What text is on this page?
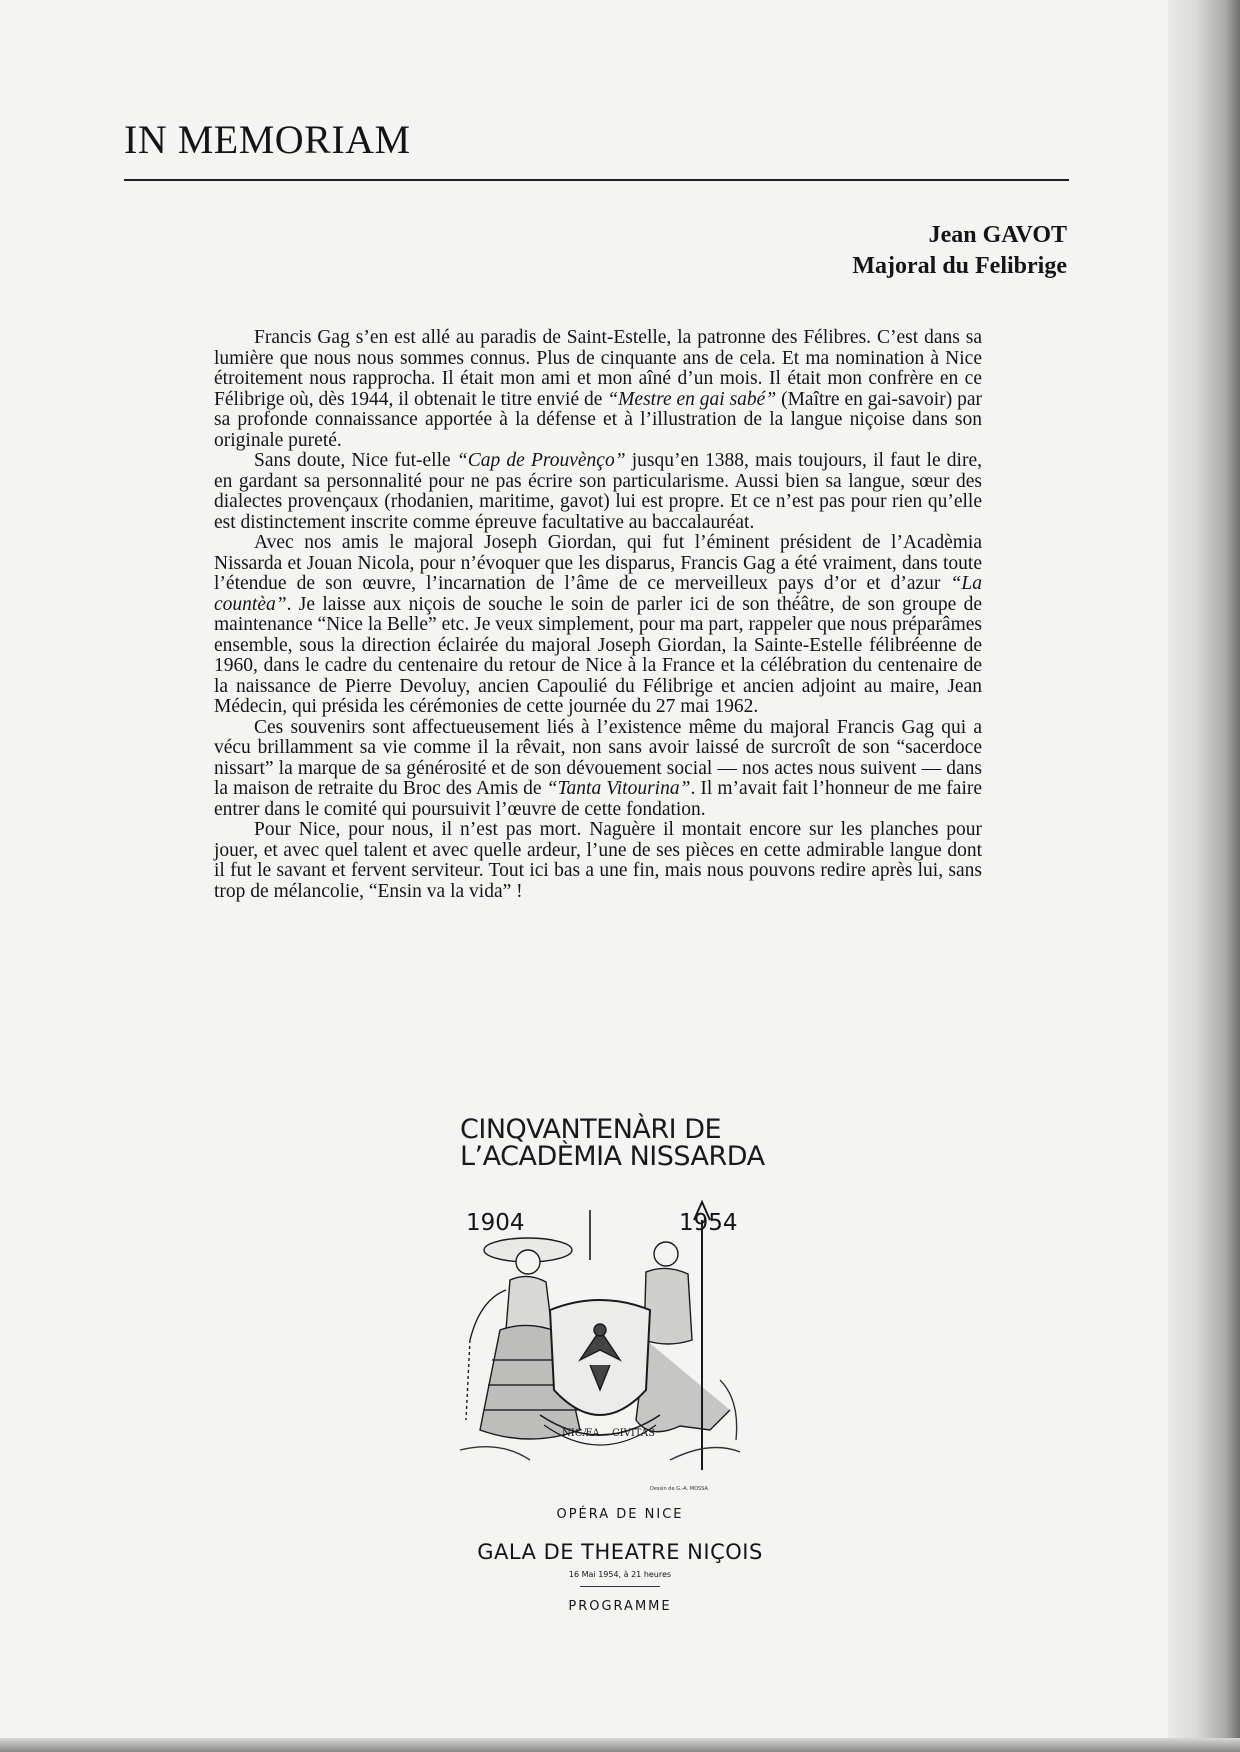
IN MEMORIAM
Jean GAVOT
Majoral du Felibrige

Francis Gag s’en est allé au paradis de Saint-Estelle, la patronne des Félibres. C’est dans sa lumière que nous nous sommes connus. Plus de cinquante ans de cela. Et ma nomination à Nice étroitement nous rapprocha. Il était mon ami et mon aîné d’un mois. Il était mon confrère en ce Félibrige où, dès 1944, il obtenait le titre envié de “Mestre en gai sabé” (Maître en gai-savoir) par sa profonde connaissance apportée à la défense et à l’illustration de la langue niçoise dans son originale pureté.

Sans doute, Nice fut-elle “Cap de Prouvènço” jusqu’en 1388, mais toujours, il faut le dire, en gardant sa personnalité pour ne pas écrire son particularisme. Aussi bien sa langue, sœur des dialectes provençaux (rhodanien, maritime, gavot) lui est propre. Et ce n’est pas pour rien qu’elle est distinctement inscrite comme épreuve facultative au baccalauréat.

Avec nos amis le majoral Joseph Giordan, qui fut l’éminent président de l’Acadèmia Nissarda et Jouan Nicola, pour n’évoquer que les disparus, Francis Gag a été vraiment, dans toute l’étendue de son œuvre, l’incarnation de l’âme de ce merveilleux pays d’or et d’azur “La countèa”. Je laisse aux niçois de souche le soin de parler ici de son théâtre, de son groupe de maintenance “Nice la Belle” etc. Je veux simplement, pour ma part, rappeler que nous préparâmes ensemble, sous la direction éclairée du majoral Joseph Giordan, la Sainte-Estelle félibréenne de 1960, dans le cadre du centenaire du retour de Nice à la France et la célébration du centenaire de la naissance de Pierre Devoluy, ancien Capoulié du Félibrige et ancien adjoint au maire, Jean Médecin, qui présida les cérémonies de cette journée du 27 mai 1962.

Ces souvenirs sont affectueusement liés à l’existence même du majoral Francis Gag qui a vécu brillamment sa vie comme il la rêvait, non sans avoir laissé de surcroît de son “sacerdoce nissart” la marque de sa générosité et de son dévouement social — nos actes nous suivent — dans la maison de retraite du Broc des Amis de “Tanta Vitourina”. Il m’avait fait l’honneur de me faire entrer dans le comité qui poursuivit l’œuvre de cette fondation.

Pour Nice, pour nous, il n’est pas mort. Naguère il montait encore sur les planches pour jouer, et avec quel talent et avec quelle ardeur, l’une de ses pièces en cette admirable langue dont il fut le savant et fervent serviteur. Tout ici bas a une fin, mais nous pouvons redire après lui, sans trop de mélancolie, “Ensin va la vida” !

CINQVANTENÀRI DE
L’ACADÈMIA NISSARDA
1904	1954
NICÆA CIVITAS
Dessin de G.-A. MOSSA
OPÉRA DE NICE
GALA DE THEATRE NIÇOIS
16 Mai 1954, à 21 heures
PROGRAMME
